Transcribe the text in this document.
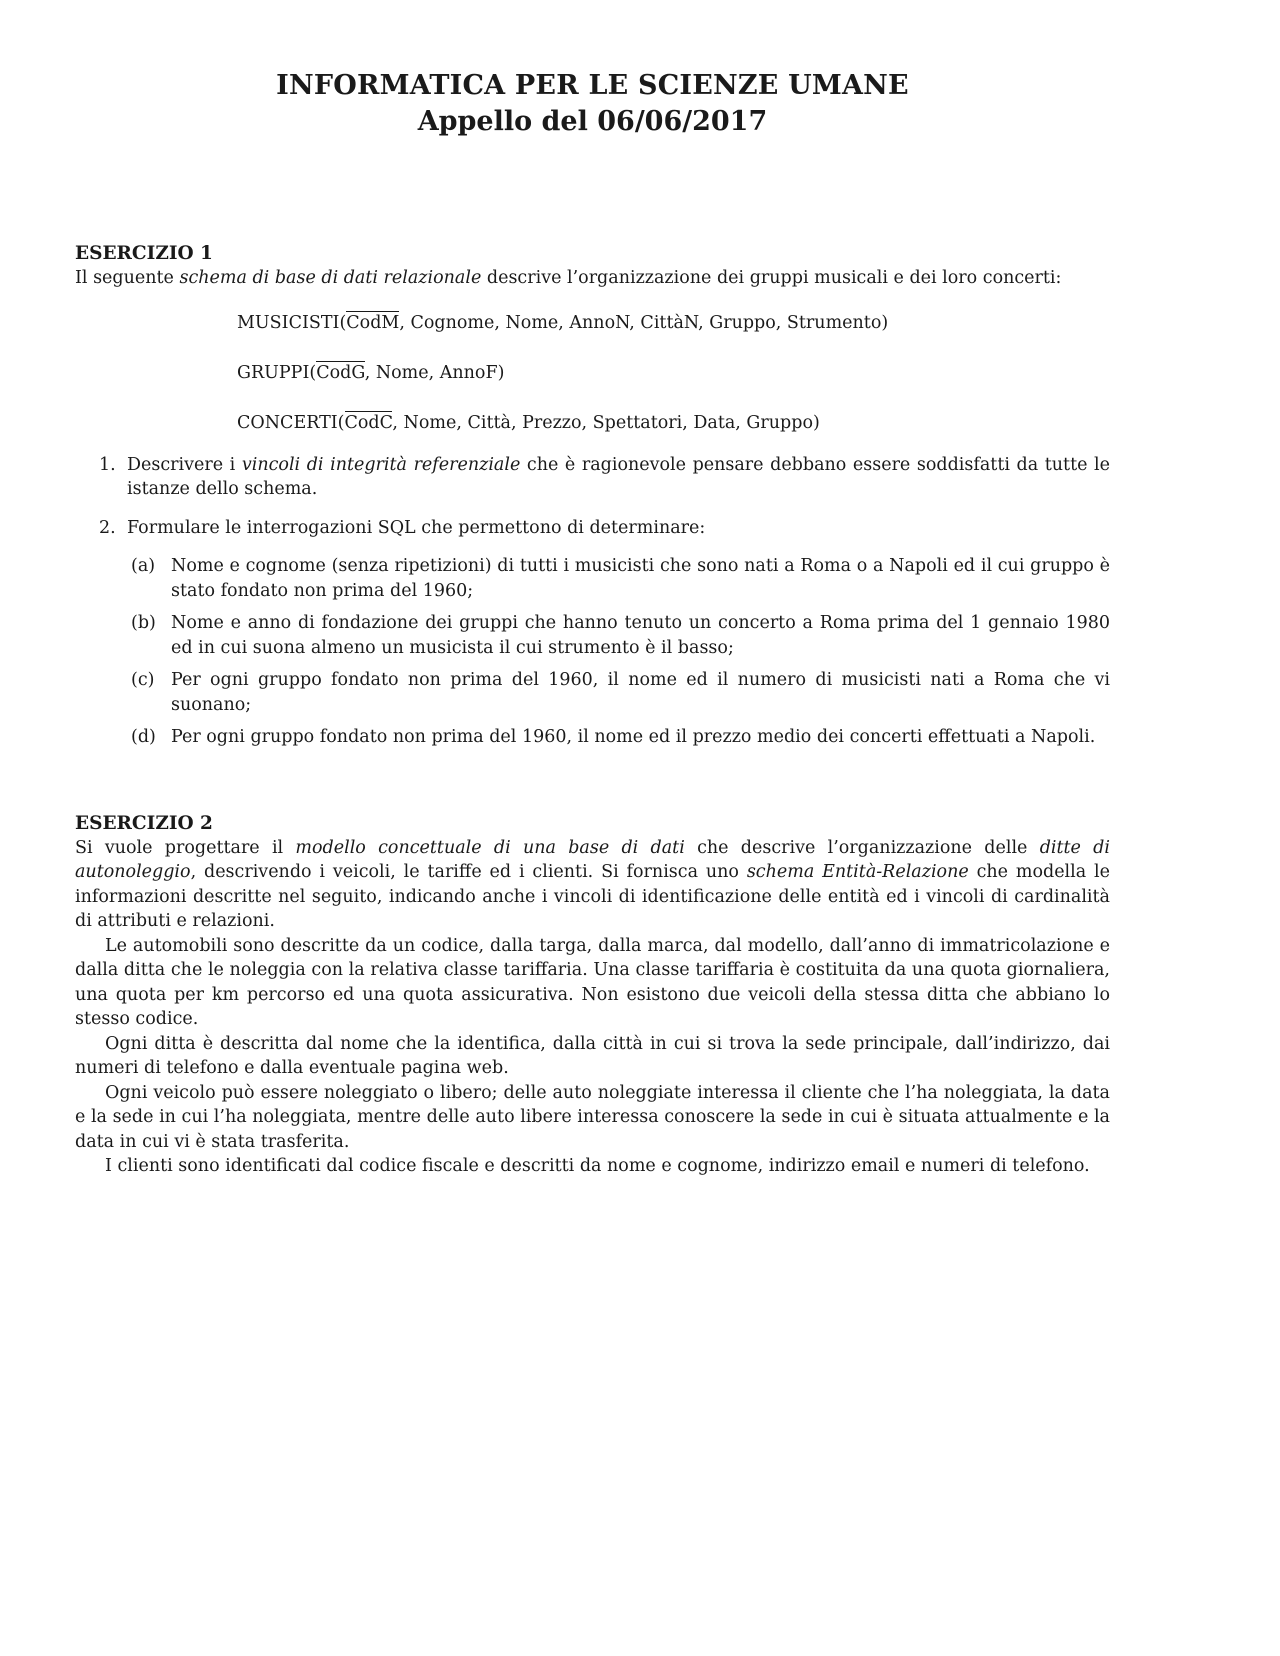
INFORMATICA PER LE SCIENZE UMANE
Appello del 06/06/2017
ESERCIZIO 1

Il seguente schema di base di dati relazionale descrive l’organizzazione dei gruppi musicali e dei loro concerti:

MUSICISTI(CodM, Cognome, Nome, AnnoN, CittàN, Gruppo, Strumento)
GRUPPI(CodG, Nome, AnnoF)
CONCERTI(CodC, Nome, Città, Prezzo, Spettatori, Data, Gruppo)
1. Descrivere i vincoli di integrità referenziale che è ragionevole pensare debbano essere soddisfatti da tutte le istanze dello schema.

2. Formulare le interrogazioni SQL che permettono di determinare:

(a) Nome e cognome (senza ripetizioni) di tutti i musicisti che sono nati a Roma o a Napoli ed il cui gruppo è stato fondato non prima del 1960;

(b) Nome e anno di fondazione dei gruppi che hanno tenuto un concerto a Roma prima del 1 gennaio 1980 ed in cui suona almeno un musicista il cui strumento è il basso;

(c) Per ogni gruppo fondato non prima del 1960, il nome ed il numero di musicisti nati a Roma che vi suonano;

(d) Per ogni gruppo fondato non prima del 1960, il nome ed il prezzo medio dei concerti effettuati a Napoli.

ESERCIZIO 2

Si vuole progettare il modello concettuale di una base di dati che descrive l’organizzazione delle ditte di autonoleggio, descrivendo i veicoli, le tariffe ed i clienti. Si fornisca uno schema Entità-Relazione che modella le informazioni descritte nel seguito, indicando anche i vincoli di identificazione delle entità ed i vincoli di cardinalità di attributi e relazioni.

Le automobili sono descritte da un codice, dalla targa, dalla marca, dal modello, dall’anno di immatricolazione e dalla ditta che le noleggia con la relativa classe tariffaria. Una classe tariffaria è costituita da una quota giornaliera, una quota per km percorso ed una quota assicurativa. Non esistono due veicoli della stessa ditta che abbiano lo stesso codice.

Ogni ditta è descritta dal nome che la identifica, dalla città in cui si trova la sede principale, dall’indirizzo, dai numeri di telefono e dalla eventuale pagina web.

Ogni veicolo può essere noleggiato o libero; delle auto noleggiate interessa il cliente che l’ha noleggiata, la data e la sede in cui l’ha noleggiata, mentre delle auto libere interessa conoscere la sede in cui è situata attualmente e la data in cui vi è stata trasferita.

I clienti sono identificati dal codice fiscale e descritti da nome e cognome, indirizzo email e numeri di telefono.
